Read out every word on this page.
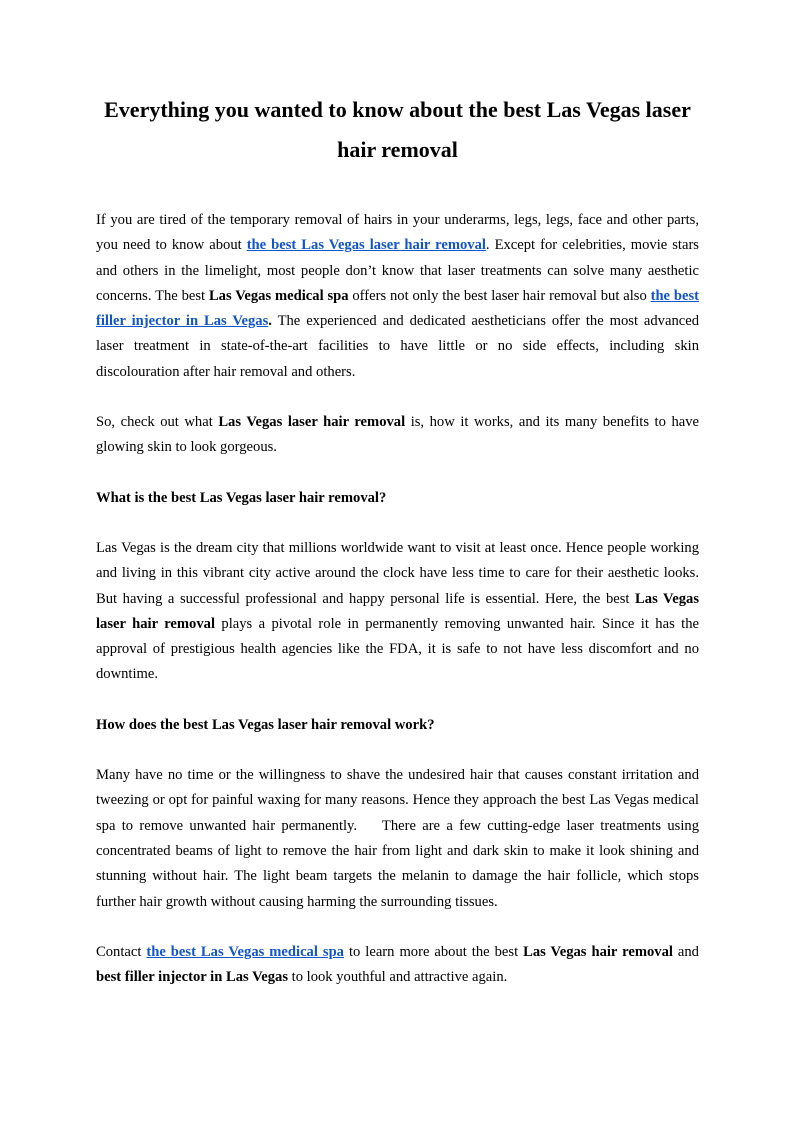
Everything you wanted to know about the best Las Vegas laser hair removal

If you are tired of the temporary removal of hairs in your underarms, legs, legs, face and other parts, you need to know about the best Las Vegas laser hair removal. Except for celebrities, movie stars and others in the limelight, most people don’t know that laser treatments can solve many aesthetic concerns. The best Las Vegas medical spa offers not only the best laser hair removal but also the best filler injector in Las Vegas. The experienced and dedicated aestheticians offer the most advanced laser treatment in state-of-the-art facilities to have little or no side effects, including skin discolouration after hair removal and others.

So, check out what Las Vegas laser hair removal is, how it works, and its many benefits to have glowing skin to look gorgeous.

What is the best Las Vegas laser hair removal?

Las Vegas is the dream city that millions worldwide want to visit at least once. Hence people working and living in this vibrant city active around the clock have less time to care for their aesthetic looks. But having a successful professional and happy personal life is essential. Here, the best Las Vegas laser hair removal plays a pivotal role in permanently removing unwanted hair. Since it has the approval of prestigious health agencies like the FDA, it is safe to not have less discomfort and no downtime.

How does the best Las Vegas laser hair removal work?

Many have no time or the willingness to shave the undesired hair that causes constant irritation and tweezing or opt for painful waxing for many reasons. Hence they approach the best Las Vegas medical spa to remove unwanted hair permanently.    There are a few cutting-edge laser treatments using concentrated beams of light to remove the hair from light and dark skin to make it look shining and stunning without hair. The light beam targets the melanin to damage the hair follicle, which stops further hair growth without causing harming the surrounding tissues.

Contact the best Las Vegas medical spa to learn more about the best Las Vegas hair removal and best filler injector in Las Vegas to look youthful and attractive again.
